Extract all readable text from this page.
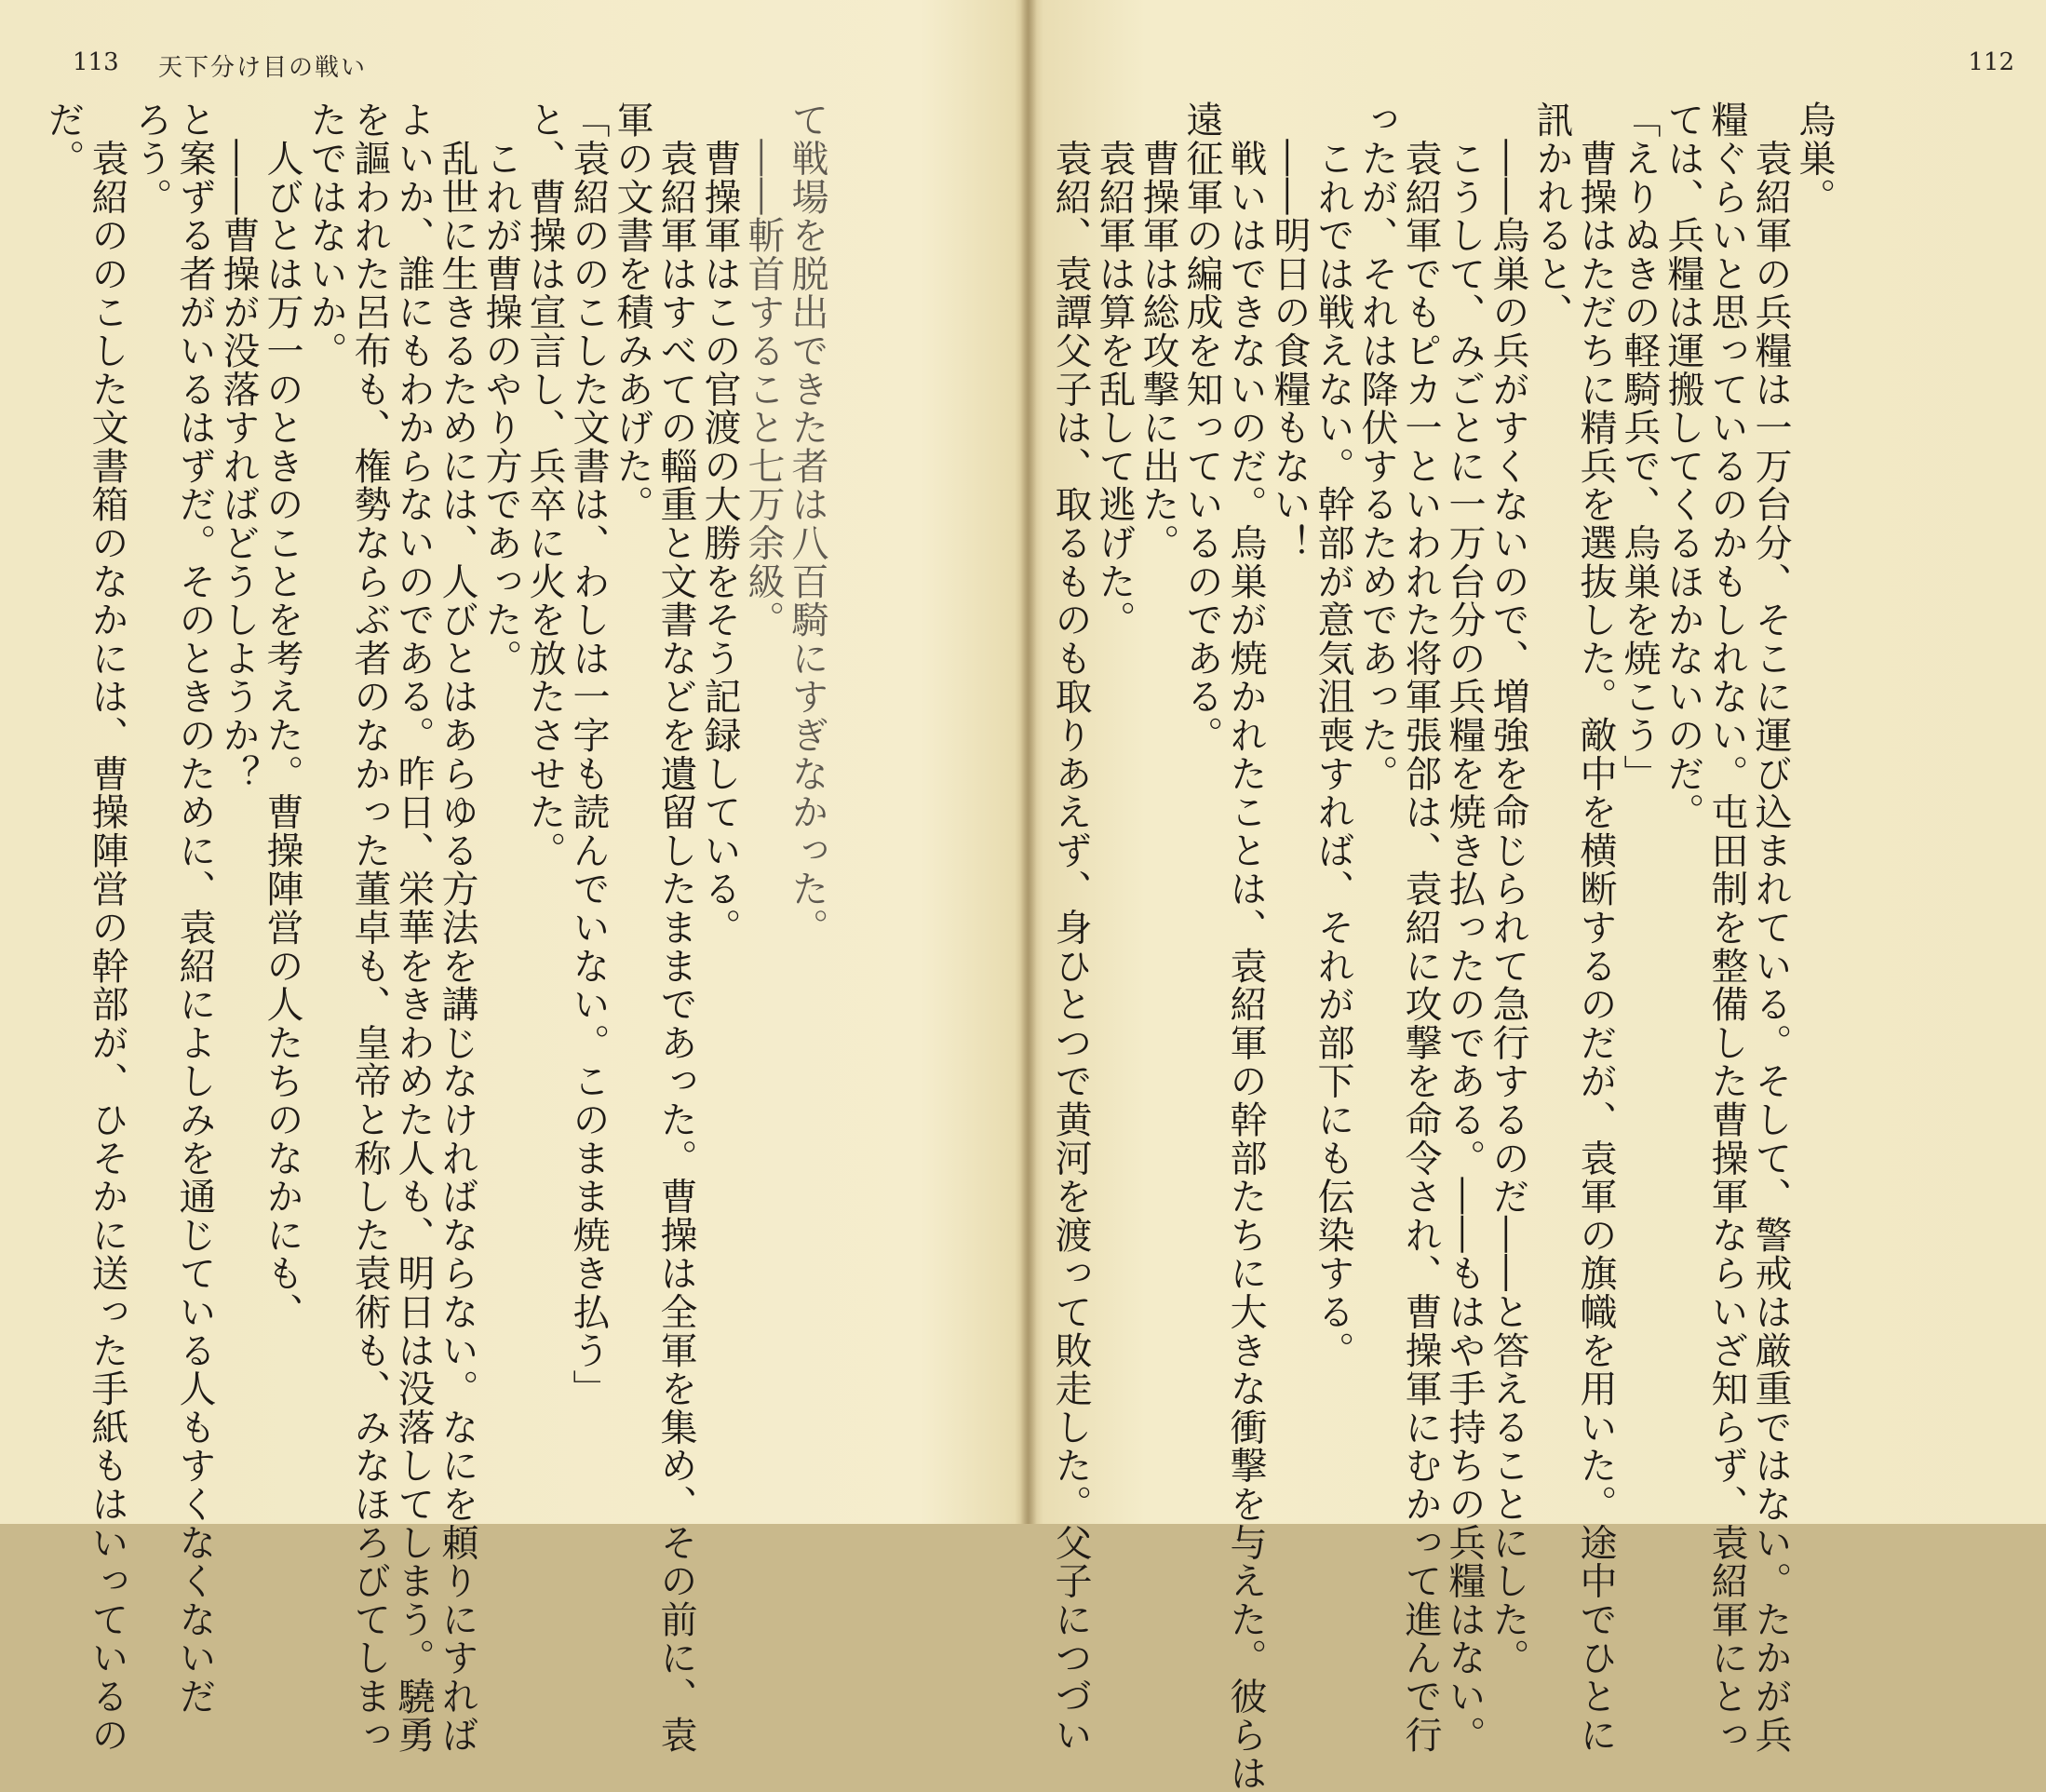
113 天下分け目の戦い

て戦場を脱出できた者は八百騎にすぎなかった。

　――斬首すること七万余級。

　曹操軍はこの官渡の大勝をそう記録している。

　袁紹軍はすべての輜重と文書などを遺留したままであった。曹操は全軍を集め、その前に、袁

軍の文書を積みあげた。

「袁紹ののこした文書は、わしは一字も読んでいない。このまま焼き払う」

と、曹操は宣言し、兵卒に火を放たさせた。

　これが曹操のやり方であった。

　乱世に生きるためには、人びとはあらゆる方法を講じなければならない。なにを頼りにすれば

よいか、誰にもわからないのである。昨日、栄華をきわめた人も、明日は没落してしまう。驍勇

を謳われた呂布も、権勢ならぶ者のなかった董卓も、皇帝と称した袁術も、みなほろびてしまっ

たではないか。

　人びとは万一のときのことを考えた。曹操陣営の人たちのなかにも、

　――曹操が没落すればどうしようか？

と案ずる者がいるはずだ。そのときのために、袁紹によしみを通じている人もすくなくないだ

ろう。

　袁紹ののこした文書箱のなかには、曹操陣営の幹部が、ひそかに送った手紙もはいっているの

だ。

112

烏巣。

　袁紹軍の兵糧は一万台分、そこに運び込まれている。そして、警戒は厳重ではない。たかが兵

糧ぐらいと思っているのかもしれない。屯田制を整備した曹操軍ならいざ知らず、袁紹軍にとっ

ては、兵糧は運搬してくるほかないのだ。

「えりぬきの軽騎兵で、烏巣を焼こう」

　曹操はただちに精兵を選抜した。敵中を横断するのだが、袁軍の旗幟を用いた。途中でひとに

訊かれると、

　――烏巣の兵がすくないので、増強を命じられて急行するのだ――と答えることにした。

　こうして、みごとに一万台分の兵糧を焼き払ったのである。――もはや手持ちの兵糧はない。

　袁紹軍でもピカ一といわれた将軍張郃は、袁紹に攻撃を命令され、曹操軍にむかって進んで行

ったが、それは降伏するためであった。

　これでは戦えない。幹部が意気沮喪すれば、それが部下にも伝染する。

　――明日の食糧もない！

　戦いはできないのだ。烏巣が焼かれたことは、袁紹軍の幹部たちに大きな衝撃を与えた。彼らは

遠征軍の編成を知っているのである。

　曹操軍は総攻撃に出た。

　袁紹軍は算を乱して逃げた。

　袁紹、袁譚父子は、取るものも取りあえず、身ひとつで黄河を渡って敗走した。父子につづい
